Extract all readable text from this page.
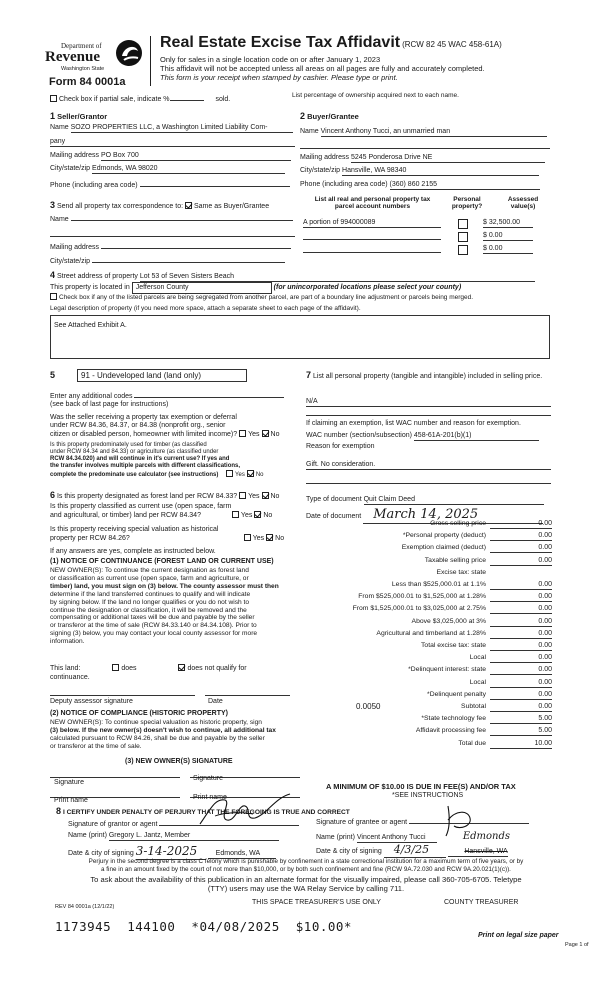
Department of
Revenue
Washington State
Form 84 0001a
Real Estate Excise Tax Affidavit (RCW 82 45 WAC 458-61A)
Only for sales in a single location code on or after January 1, 2023
This affidavit will not be accepted unless all areas on all pages are fully and accurately completed.
This form is your receipt when stamped by cashier. Please type or print.
Check box if partial sale, indicate %	sold.
List percentage of ownership acquired next to each name.
1 Seller/Grantor
Name SOZO PROPERTIES LLC, a Washington Limited Liability Com-
pany
Mailing address PO Box 700
City/state/zip Edmonds, WA 98020
Phone (including area code)
2 Buyer/Grantee
Name Vincent Anthony Tucci, an unmarried man
Mailing address 5245 Ponderosa Drive NE
City/state/zip Hansville, WA 98340
Phone (including area code) (360) 860 2155
3 Send all property tax correspondence to: Same as Buyer/Grantee
Name
Mailing address
City/state/zip
List all real and personal property tax parcel account numbers
Personal property?
Assessed value(s)
A portion of 994000089	$ 32,500.00
$ 0.00
$ 0.00
4 Street address of property Lot 53 of Seven Sisters Beach
This property is located in Jefferson County	(for unincorporated locations please select your county)
Check box if any of the listed parcels are being segregated from another parcel, are part of a boundary line adjustment or parcels being merged.
Legal description of property (if you need more space, attach a separate sheet to each page of the affidavit).
See Attached Exhibit A.
5	91 - Undeveloped land (land only)
Enter any additional codes
(see back of last page for instructions)
Was the seller receiving a property tax exemption or deferral
under RCW 84.36, 84.37, or 84.38 (nonprofit org., senior
citizen or disabled person, homeowner with limited income)? Yes No
Is this property predominately used for timber (as classified
under RCW 84.34 and 84.33) or agriculture (as classified under
RCW 84.34.020) and will continue in it's current use? If yes and
the transfer involves multiple parcels with different classifications,
complete the predominate use calculator (see instructions)	Yes No
6 Is this property designated as forest land per RCW 84.33? Yes No
Is this property classified as current use (open space, farm
and agricultural, or timber) land per RCW 84.34?	Yes No
Is this property receiving special valuation as historical
property per RCW 84.26?	Yes No
If any answers are yes, complete as instructed below.
(1) NOTICE OF CONTINUANCE (FOREST LAND OR CURRENT USE)
NEW OWNER(S): To continue the current designation as forest land
or classification as current use (open space, farm and agriculture, or
timber) land, you must sign on (3) below. The county assessor must then
determine if the land transferred continues to qualify and will indicate
by signing below. If the land no longer qualifies or you do not wish to
continue the designation or classification, it will be removed and the
compensating or additional taxes will be due and payable by the seller
or transferor at the time of sale (RCW 84.33.140 or 84.34.108). Prior to
signing (3) below, you may contact your local county assessor for more
information.
This land:	does	does not qualify for
continuance.
Deputy assessor signature	Date
(2) NOTICE OF COMPLIANCE (HISTORIC PROPERTY)
NEW OWNER(S): To continue special valuation as historic property, sign
(3) below. If the new owner(s) doesn't wish to continue, all additional tax
calculated pursuant to RCW 84.26, shall be due and payable by the seller
or transferor at the time of sale.
(3) NEW OWNER(S) SIGNATURE
Signature
Signature
Print name	Print name
7 List all personal property (tangible and intangible) included in selling price.
N/A
If claiming an exemption, list WAC number and reason for exemption.
WAC number (section/subsection) 458-61A-201(b)(1)
Reason for exemption
Gift. No consideration.
Type of document Quit Claim Deed
Date of document March 14, 2025
Gross selling price	0.00
*Personal property (deduct)	0.00
Exemption claimed (deduct)	0.00
Taxable selling price	0.00
Excise tax: state
Less than $525,000.01 at 1.1%	0.00
From $525,000.01 to $1,525,000 at 1.28%	0.00
From $1,525,000.01 to $3,025,000 at 2.75%	0.00
Above $3,025,000 at 3%	0.00
Agricultural and timberland at 1.28%	0.00
Total excise tax: state	0.00
Local	0.00
*Delinquent interest: state	0.00
Local	0.00
*Delinquent penalty	0.00
Subtotal	0.00
*State technology fee	5.00
Affidavit processing fee	5.00
Total due	10.00
0.0050
A MINIMUM OF $10.00 IS DUE IN FEE(S) AND/OR TAX
*SEE INSTRUCTIONS
8 I CERTIFY UNDER PENALTY OF PERJURY THAT THE FOREGOING IS TRUE AND CORRECT
Signature of grantor or agent
Name (print) Gregory L. Jantz, Member
Date & city of signing 3-14-2025	Edmonds, WA
Signature of grantee or agent
Name (print) Vincent Anthony Tucci	Edmonds
Date & city of signing 4/3/25	Hansville, WA
Perjury in the second degree is a class C felony which is punishable by confinement in a state correctional institution for a maximum term of five years, or by
a fine in an amount fixed by the court of not more than $10,000, or by both such confinement and fine (RCW 9A.72.030 and RCW 9A.20.021(1)(c)).
To ask about the availability of this publication in an alternate format for the visually impaired, please call 360-705-6705. Teletype
(TTY) users may use the WA Relay Service by calling 711.
REV 84 0001a (12/1/22)
THIS SPACE TREASURER'S USE ONLY	COUNTY TREASURER
1173945  144100  *04/08/2025  $10.00*
Print on legal size paper
Page 1 of
